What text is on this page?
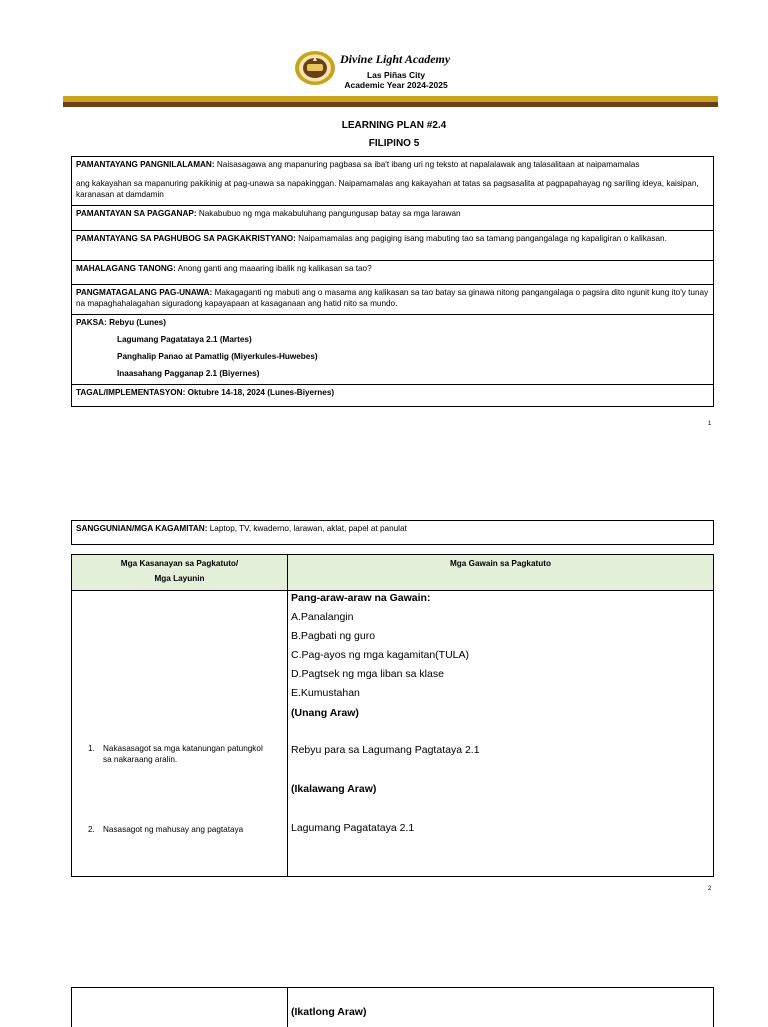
Divine Light Academy
Las Piñas City
Academic Year 2024-2025
LEARNING PLAN #2.4
FILIPINO 5
PAMANTAYANG PANGNILALAMAN: Naisasagawa ang mapanuring pagbasa sa iba't ibang uri ng teksto at napalalawak ang talasalitaan at naipamamalas
ang kakayahan sa mapanuring pakikinig at pag-unawa sa napakinggan. Naipamamalas ang kakayahan at tatas sa pagsasalita at pagpapahayag ng sariling ideya, kaisipan, karanasan at damdamin
PAMANTAYAN SA PAGGANAP: Nakabubuo ng mga makabuluhang pangungusap batay sa mga larawan
PAMANTAYANG SA PAGHUBOG SA PAGKAKRISTYANO: Naipamamalas ang pagiging isang mabuting tao sa tamang pangangalaga ng kapaligiran o kalikasan.
MAHALAGANG TANONG: Anong ganti ang maaaring ibalik ng kalikasan sa tao?
PANGMATAGALANG PAG-UNAWA: Makagaganti ng mabuti ang o masama ang kalikasan sa tao batay sa ginawa nitong pangangalaga o pagsira dito ngunit kung ito'y tunay na mapaghahalagahan siguradong kapayapaan at kasaganaan ang hatid nito sa mundo.
PAKSA: Rebyu (Lunes)
Lagumang Pagatataya 2.1 (Martes)
Panghalip Panao at Pamatlig (Miyerkules-Huwebes)
Inaasahang Pagganap 2.1 (Biyernes)
TAGAL/IMPLEMENTASYON: Oktubre 14-18, 2024 (Lunes-Biyernes)
1
SANGGUNIAN/MGA KAGAMITAN: Laptop, TV, kwaderno, larawan, aklat, papel at panulat
Mga Kasanayan sa Pagkatuto/
Mga Layunin
Mga Gawain sa Pagkatuto
Pang-araw-araw na Gawain:
A.Panalangin
B.Pagbati ng guro
C.Pag-ayos ng mga kagamitan(TULA)
D.Pagtsek ng mga liban sa klase
E.Kumustahan
(Unang Araw)
1. Nakasasagot sa mga katanungan patungkol sa nakaraang aralin.
Rebyu para sa Lagumang Pagtataya 2.1
(Ikalawang Araw)
2. Nasasagot ng mahusay ang pagtataya	Lagumang Pagatataya 2.1
2
(Ikatlong Araw)
